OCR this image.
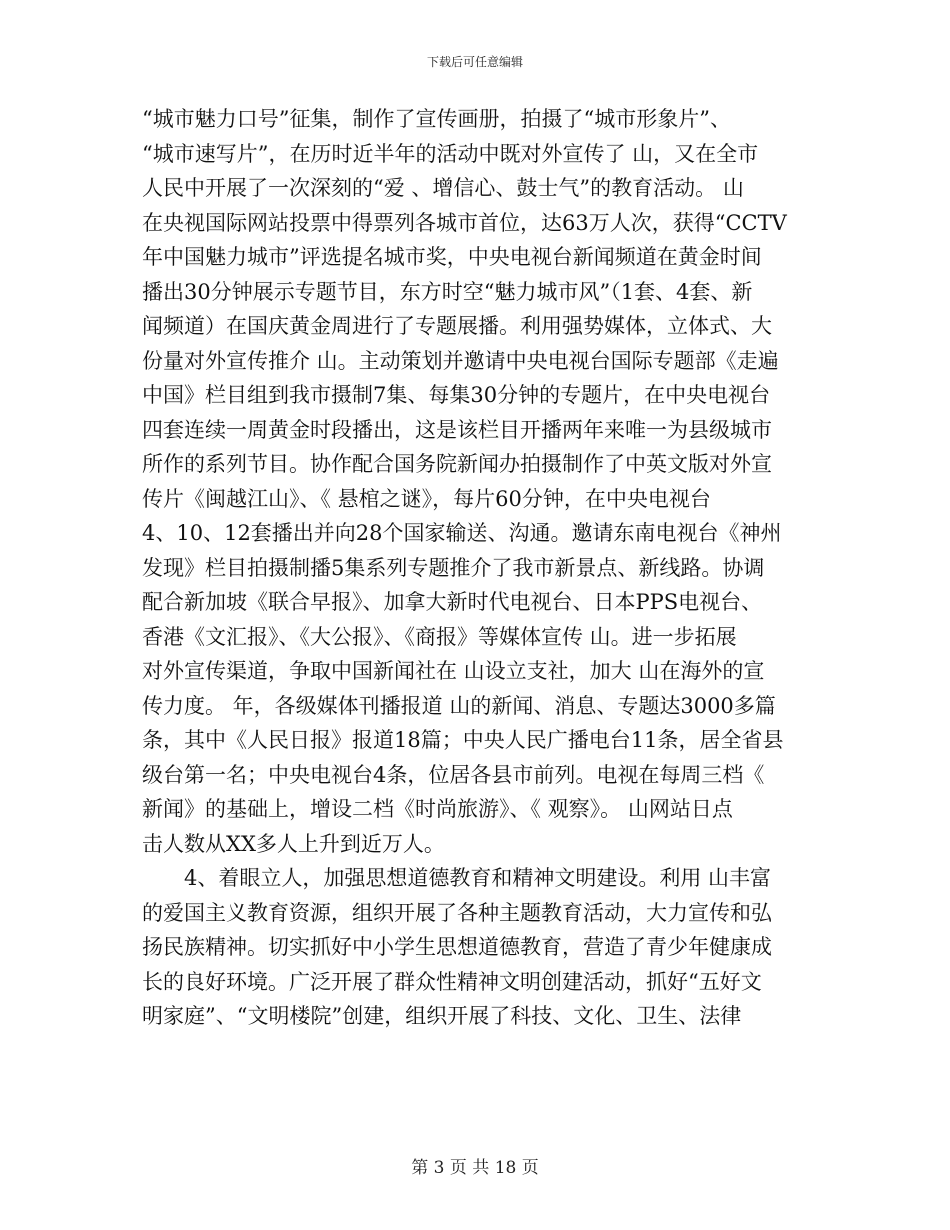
下载后可任意编辑
“城市魅力口号”征集，制作了宣传画册，拍摄了“城市形象片”、
“城市速写片”，在历时近半年的活动中既对外宣传了 山，又在全市
人民中开展了一次深刻的“爱 、增信心、鼓士气”的教育活动。 山
在央视国际网站投票中得票列各城市首位，达63万人次，获得“CCTV
年中国魅力城市”评选提名城市奖，中央电视台新闻频道在黄金时间
播出30分钟展示专题节目，东方时空“魅力城市风”（1套、4套、新
闻频道）在国庆黄金周进行了专题展播。利用强势媒体，立体式、大
份量对外宣传推介 山。主动策划并邀请中央电视台国际专题部《走遍
中国》栏目组到我市摄制7集、每集30分钟的专题片，在中央电视台
四套连续一周黄金时段播出，这是该栏目开播两年来唯一为县级城市
所作的系列节目。协作配合国务院新闻办拍摄制作了中英文版对外宣
传片《闽越江山》、《 悬棺之谜》，每片60分钟，在中央电视台
4、10、12套播出并向28个国家输送、沟通。邀请东南电视台《神州
发现》栏目拍摄制播5集系列专题推介了我市新景点、新线路。协调
配合新加坡《联合早报》、加拿大新时代电视台、日本PPS电视台、
香港《文汇报》、《大公报》、《商报》等媒体宣传 山。进一步拓展
对外宣传渠道，争取中国新闻社在 山设立支社，加大 山在海外的宣
传力度。 年，各级媒体刊播报道 山的新闻、消息、专题达3000多篇
条，其中《人民日报》报道18篇；中央人民广播电台11条，居全省县
级台第一名；中央电视台4条，位居各县市前列。电视在每周三档《
新闻》的基础上，增设二档《时尚旅游》、《 观察》。 山网站日点
击人数从XX多人上升到近万人。
4、着眼立人，加强思想道德教育和精神文明建设。利用 山丰富
的爱国主义教育资源，组织开展了各种主题教育活动，大力宣传和弘
扬民族精神。切实抓好中小学生思想道德教育，营造了青少年健康成
长的良好环境。广泛开展了群众性精神文明创建活动，抓好“五好文
明家庭”、“文明楼院”创建，组织开展了科技、文化、卫生、法律
第 3 页 共 18 页
